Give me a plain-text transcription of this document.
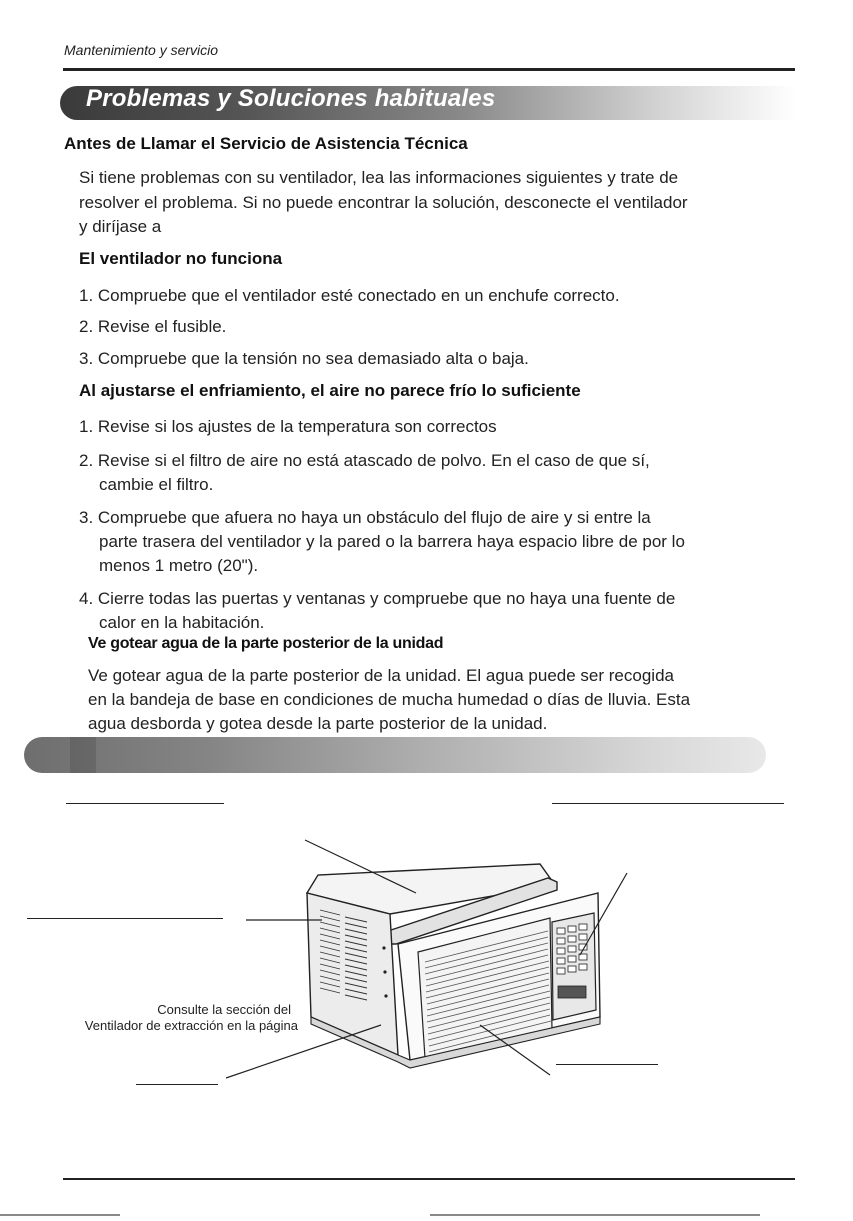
Mantenimiento y servicio
Problemas y Soluciones habituales
Antes de Llamar el Servicio de Asistencia Técnica
Si tiene problemas con su ventilador, lea las informaciones siguientes y trate de
resolver el problema. Si no puede encontrar la solución, desconecte el ventilador
y diríjase a
El ventilador no funciona
1. Compruebe que el ventilador esté conectado en un enchufe correcto.
2. Revise el fusible.
3. Compruebe que la tensión no sea demasiado alta o baja.
Al ajustarse el enfriamiento, el aire no parece frío lo suficiente
1. Revise si los ajustes de la temperatura son correctos
2. Revise si el filtro de aire no está atascado de polvo. En el caso de que sí,
cambie el filtro.
3. Compruebe que afuera no haya un obstáculo del flujo de aire y si entre la
parte trasera del ventilador y la pared o la barrera haya espacio libre de por lo
menos 1 metro (20").
4. Cierre todas las puertas y ventanas y compruebe que no haya una fuente de
calor en la habitación.
Ve gotear agua de la parte posterior de la unidad
Ve gotear agua de la parte posterior de la unidad. El agua puede ser recogida
en la bandeja de base en condiciones de mucha humedad o días de lluvia. Esta
agua desborda y gotea desde la parte posterior de la unidad.
Consulte la sección del
Ventilador de extracción en la página
